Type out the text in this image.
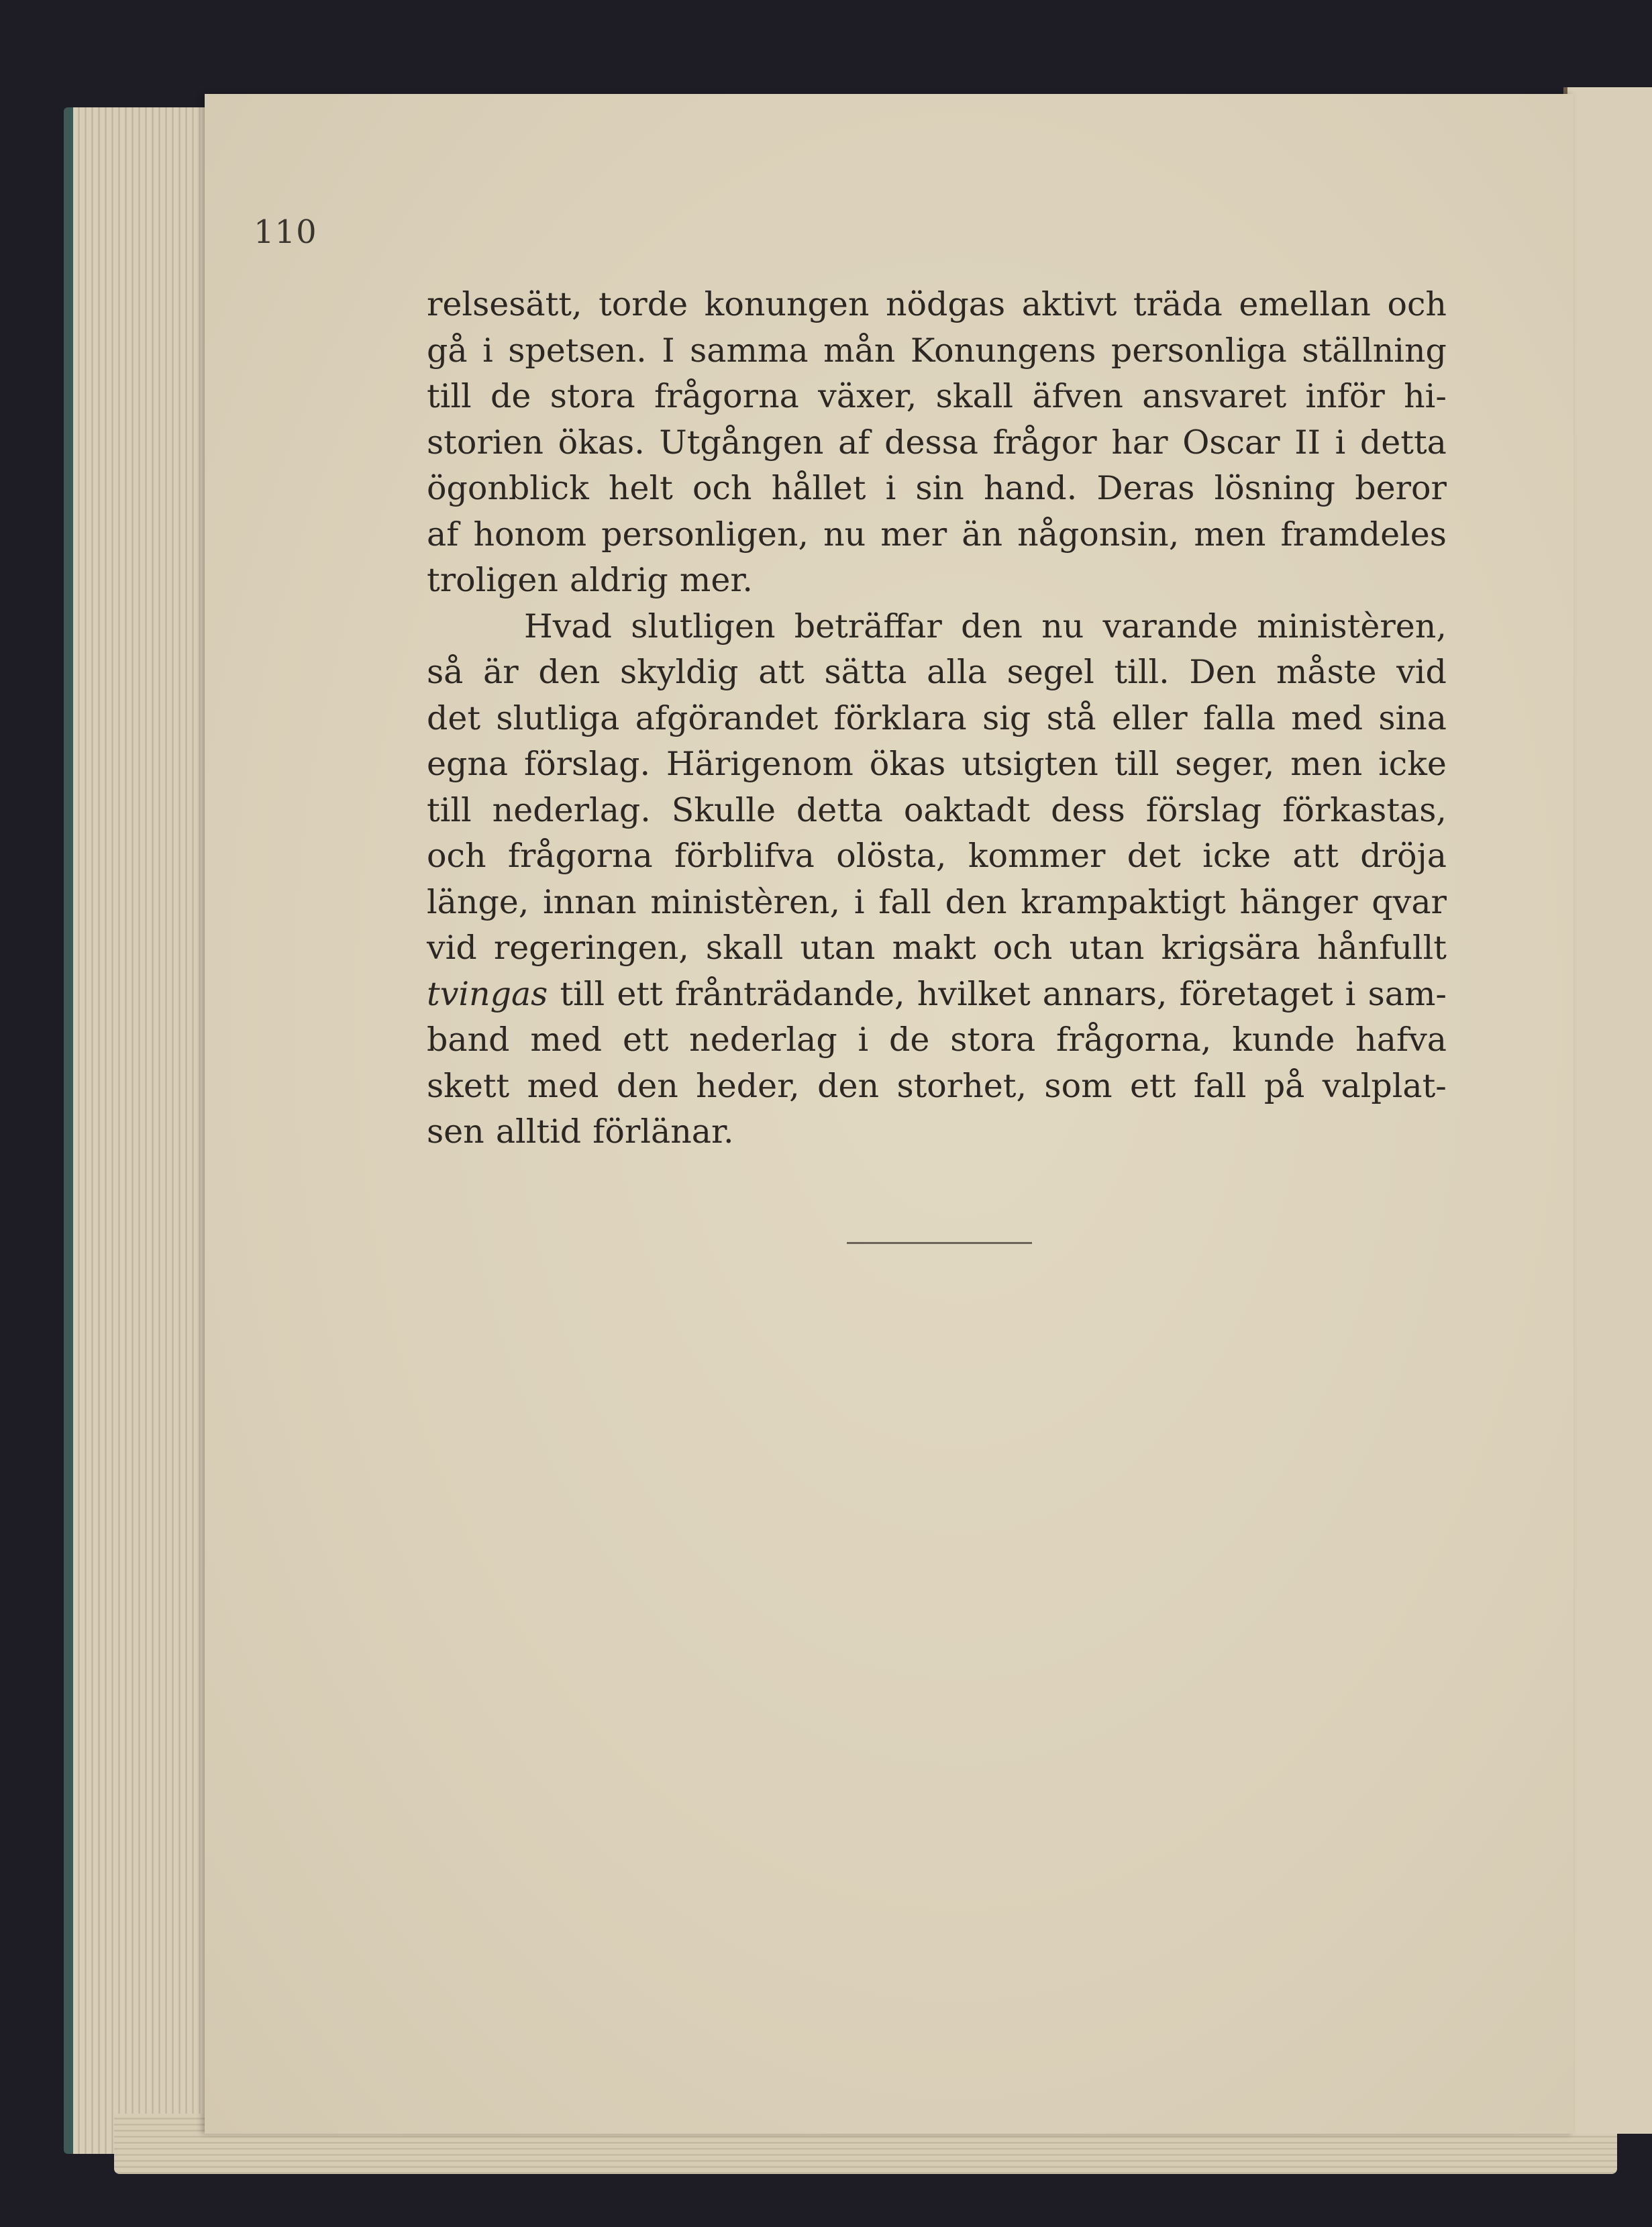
110
relsesätt, torde konungen nödgas aktivt träda emellan och
gå i spetsen. I samma mån Konungens personliga ställning
till de stora frågorna växer, skall äfven ansvaret inför hi-
storien ökas. Utgången af dessa frågor har Oscar II i detta
ögonblick helt och hållet i sin hand. Deras lösning beror
af honom personligen, nu mer än någonsin, men framdeles
troligen aldrig mer.
Hvad slutligen beträffar den nu varande ministèren,
så är den skyldig att sätta alla segel till. Den måste vid
det slutliga afgörandet förklara sig stå eller falla med sina
egna förslag. Härigenom ökas utsigten till seger, men icke
till nederlag. Skulle detta oaktadt dess förslag förkastas,
och frågorna förblifva olösta, kommer det icke att dröja
länge, innan ministèren, i fall den krampaktigt hänger qvar
vid regeringen, skall utan makt och utan krigsära hånfullt
tvingas till ett frånträdande, hvilket annars, företaget i sam-
band med ett nederlag i de stora frågorna, kunde hafva
skett med den heder, den storhet, som ett fall på valplat-
sen alltid förlänar.
